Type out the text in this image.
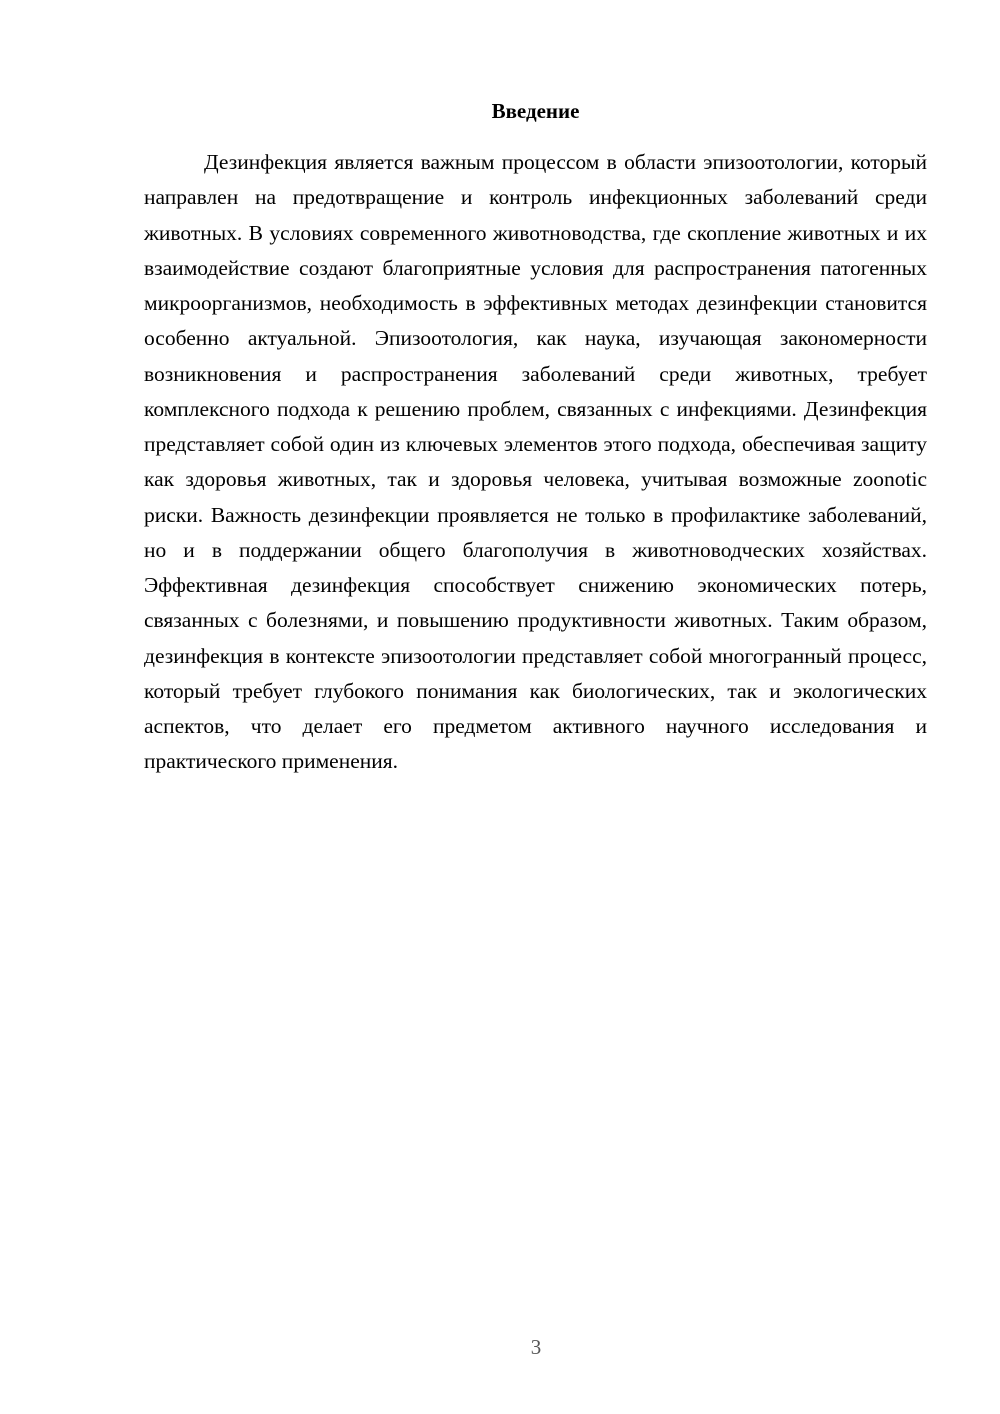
Введение

Дезинфекция является важным процессом в области эпизоотологии, который направлен на предотвращение и контроль инфекционных заболеваний среди животных. В условиях современного животноводства, где скопление животных и их взаимодействие создают благоприятные условия для распространения патогенных микроорганизмов, необходимость в эффективных методах дезинфекции становится особенно актуальной. Эпизоотология, как наука, изучающая закономерности возникновения и распространения заболеваний среди животных, требует комплексного подхода к решению проблем, связанных с инфекциями. Дезинфекция представляет собой один из ключевых элементов этого подхода, обеспечивая защиту как здоровья животных, так и здоровья человека, учитывая возможные zoonotic риски. Важность дезинфекции проявляется не только в профилактике заболеваний, но и в поддержании общего благополучия в животноводческих хозяйствах. Эффективная дезинфекция способствует снижению экономических потерь, связанных с болезнями, и повышению продуктивности животных. Таким образом, дезинфекция в контексте эпизоотологии представляет собой многогранный процесс, который требует глубокого понимания как биологических, так и экологических аспектов, что делает его предметом активного научного исследования и практического применения.

3
